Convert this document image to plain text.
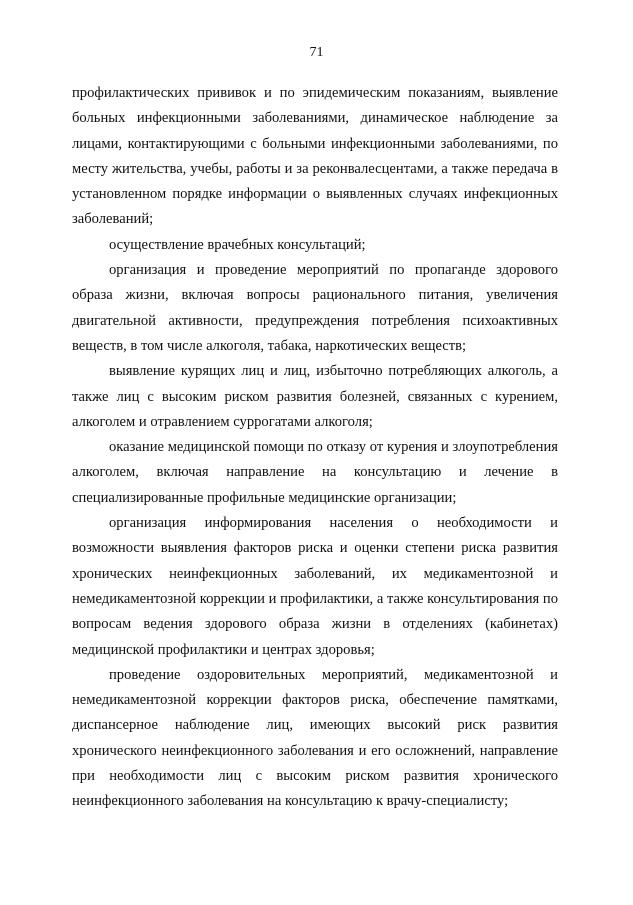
71

профилактических прививок и по эпидемическим показаниям, выявление больных инфекционными заболеваниями, динамическое наблюдение за лицами, контактирующими с больными инфекционными заболеваниями, по месту жительства, учебы, работы и за реконвалесцентами, а также передача в установленном порядке информации о выявленных случаях инфекционных заболеваний;

осуществление врачебных консультаций;

организация и проведение мероприятий по пропаганде здорового образа жизни, включая вопросы рационального питания, увеличения двигательной активности, предупреждения потребления психоактивных веществ, в том числе алкоголя, табака, наркотических веществ;

выявление курящих лиц и лиц, избыточно потребляющих алкоголь, а также лиц с высоким риском развития болезней, связанных с курением, алкоголем и отравлением суррогатами алкоголя;

оказание медицинской помощи по отказу от курения и злоупотребления алкоголем, включая направление на консультацию и лечение в специализированные профильные медицинские организации;

организация информирования населения о необходимости и возможности выявления факторов риска и оценки степени риска развития хронических неинфекционных заболеваний, их медикаментозной и немедикаментозной коррекции и профилактики, а также консультирования по вопросам ведения здорового образа жизни в отделениях (кабинетах) медицинской профилактики и центрах здоровья;

проведение оздоровительных мероприятий, медикаментозной и немедикаментозной коррекции факторов риска, обеспечение памятками, диспансерное наблюдение лиц, имеющих высокий риск развития хронического неинфекционного заболевания и его осложнений, направление при необходимости лиц с высоким риском развития хронического неинфекционного заболевания на консультацию к врачу-специалисту;
